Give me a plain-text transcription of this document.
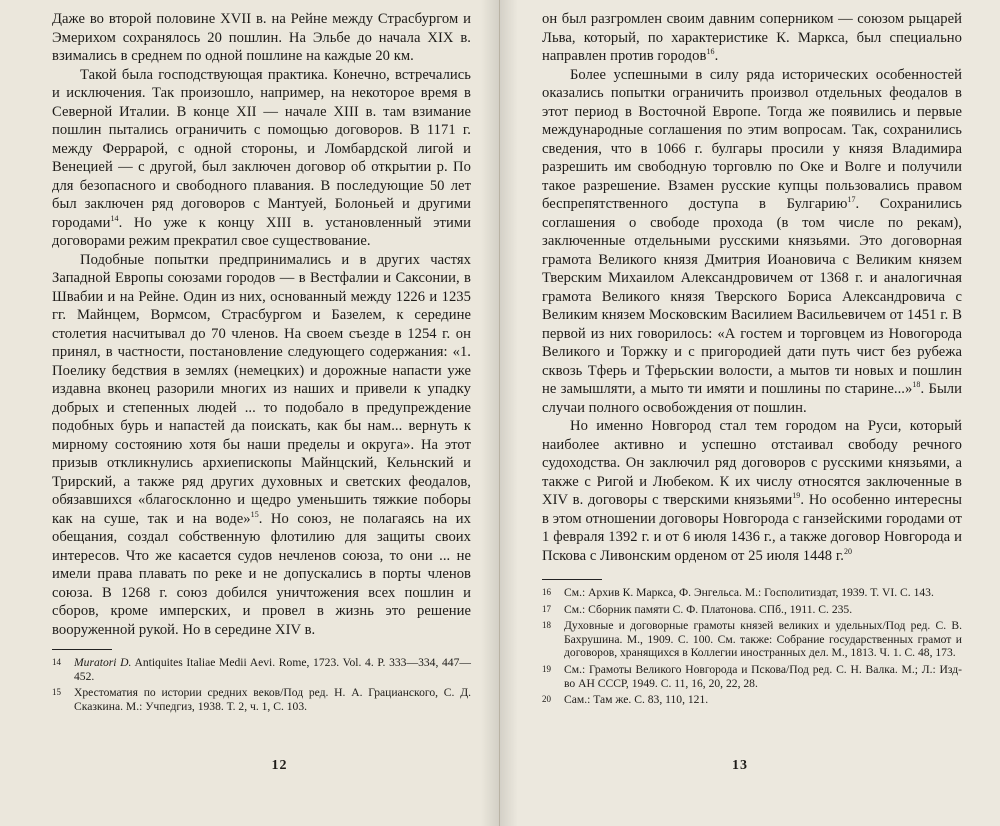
Даже во второй половине XVII в. на Рейне между Страсбургом и Эмерихом сохранялось 20 пошлин. На Эльбе до начала XIX в. взимались в среднем по одной пошлине на каждые 20 км.

Такой была господствующая практика. Конечно, встречались и исключения. Так произошло, например, на некоторое время в Северной Италии. В конце XII — начале XIII в. там взимание пошлин пытались ограничить с помощью договоров. В 1171 г. между Феррарой, с одной стороны, и Ломбардской лигой и Венецией — с другой, был заключен договор об открытии р. По для безопасного и свободного плавания. В последующие 50 лет был заключен ряд договоров с Мантуей, Болоньей и другими городами$^{14}$. Но уже к концу XIII в. установленный этими договорами режим прекратил свое существование.

Подобные попытки предпринимались и в других частях Западной Европы союзами городов — в Вестфалии и Саксонии, в Швабии и на Рейне. Один из них, основанный между 1226 и 1235 гг. Майнцем, Вормсом, Страсбургом и Базелем, к середине столетия насчитывал до 70 членов. На своем съезде в 1254 г. он принял, в частности, постановление следующего содержания: «1. Поелику бедствия в землях (немецких) и дорожные напасти уже издавна вконец разорили многих из наших и привели к упадку добрых и степенных людей ... то подобало в предупреждение подобных бурь и напастей да поискать, как бы нам... вернуть к мирному состоянию хотя бы наши пределы и округа». На этот призыв откликнулись архиепископы Майнцский, Кельнский и Трирский, а также ряд других духовных и светских феодалов, обязавшихся «благосклонно и щедро уменьшить тяжкие поборы как на суше, так и на воде»$^{15}$. Но союз, не полагаясь на их обещания, создал собственную флотилию для защиты своих интересов. Что же касается судов нечленов союза, то они ... не имели права плавать по реке и не допускались в порты членов союза. В 1268 г. союз добился уничтожения всех пошлин и сборов, кроме имперских, и провел в жизнь это решение вооруженной рукой. Но в середине XIV в.

14	Muratori D. Antiquites Italiae Medii Aevi. Rome, 1723. Vol. 4. P. 333—334, 447—452.
15	Хрестоматия по истории средних веков/Под ред. Н. А. Грацианского, С. Д. Сказкина. М.: Учпедгиз, 1938. Т. 2, ч. 1, С. 103.
12

он был разгромлен своим давним соперником — союзом рыцарей Льва, который, по характеристике К. Маркса, был специально направлен против городов$^{16}$.

Более успешными в силу ряда исторических особенностей оказались попытки ограничить произвол отдельных феодалов в этот период в Восточной Европе. Тогда же появились и первые международные соглашения по этим вопросам. Так, сохранились сведения, что в 1066 г. булгары просили у князя Владимира разрешить им свободную торговлю по Оке и Волге и получили такое разрешение. Взамен русские купцы пользовались правом беспрепятственного доступа в Булгарию$^{17}$. Сохранились соглашения о свободе прохода (в том числе по рекам), заключенные отдельными русскими князьями. Это договорная грамота Великого князя Дмитрия Иоановича с Великим князем Тверским Михаилом Александровичем от 1368 г. и аналогичная грамота Великого князя Тверского Бориса Александровича с Великим князем Московским Василием Васильевичем от 1451 г. В первой из них говорилось: «А гостем и торговцем из Новогорода Великого и Торжку и с пригородией дати путь чист без рубежа сквозь Тферь и Тферьскии волости, а мытов ти новых и пошлин не замышляти, а мыто ти имяти и пошлины по старине...»$^{18}$. Были случаи полного освобождения от пошлин.

Но именно Новгород стал тем городом на Руси, который наиболее активно и успешно отстаивал свободу речного судоходства. Он заключил ряд договоров с русскими князьями, а также с Ригой и Любеком. К их числу относятся заключенные в XIV в. договоры с тверскими князьями$^{19}$. Но особенно интересны в этом отношении договоры Новгорода с ганзейскими городами от 1 февраля 1392 г. и от 6 июля 1436 г., а также договор Новгорода и Пскова с Ливонским орденом от 25 июля 1448 г.$^{20}$

16	См.: Архив К. Маркса, Ф. Энгельса. М.: Госполитиздат, 1939. Т. VI. С. 143.
17	См.: Сборник памяти С. Ф. Платонова. СПб., 1911. С. 235.
18	Духовные и договорные грамоты князей великих и удельных/Под ред. С. В. Бахрушина. М., 1909. С. 100. См. также: Собрание государственных грамот и договоров, хранящихся в Коллегии иностранных дел. М., 1813. Ч. 1. С. 48, 173.
19	См.: Грамоты Великого Новгорода и Пскова/Под ред. С. Н. Валка. М.; Л.: Изд-во АН СССР, 1949. С. 11, 16, 20, 22, 28.
20	Сам.: Там же. С. 83, 110, 121.
13
